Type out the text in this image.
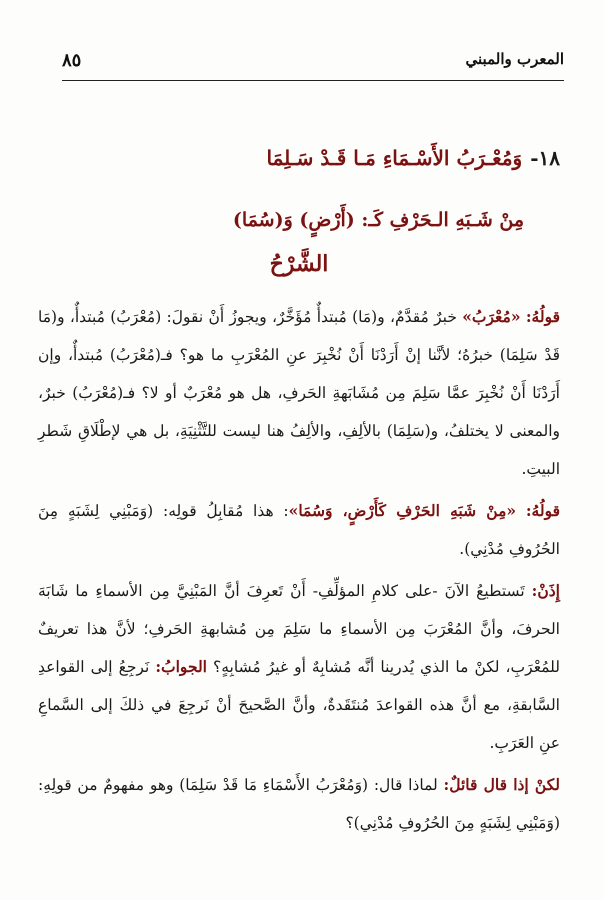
المعرب والمبني
٨٥
١٨-وَمُعْـرَبُ الأَسْـمَاءِ مَـا قَـدْ سَـلِمَا
مِنْ شَـبَهِ الـحَرْفِ كَـ: (أَرْضٍ) وَ(سُمَا)
الشَّرْحُ

قولُهُ: «مُعْرَبُ» خبرٌ مُقدَّمٌ، و(مَا) مُبتدأٌ مُؤَخَّرٌ، ويجوزُ أَنْ نقولَ: (مُعْرَبُ) مُبتدأٌ، و(مَا قَدْ سَلِمَا) خبرُهُ؛ لأنَّنا إنْ أَرَدْنَا أَنْ نُخْبِرَ عنِ المُعْرَبِ ما هو؟ فـ(مُعْرَبُ) مُبتدأٌ، وإن أَرَدْنَا أَنْ نُخْبِرَ عمَّا سَلِمَ مِن مُشَابَهةِ الحَرفِ، هل هو مُعْرَبٌ أو لا؟ فـ(مُعْرَبُ) خبرٌ، والمعنى لا يختلفُ، و(سَلِمَا) بالألِفِ، والألِفُ هنا ليست للتَّثْنِيَةِ، بل هي لإطْلَاقِ شَطرِ البيتِ.

قولُهُ: «مِنْ شَبَهِ الحَرْفِ كَأَرْضٍ، وَسُمَا»: هذا مُقابِلُ قولِه: (وَمَبْنِي لِشَبَهٍ مِنَ الحُرُوفِ مُدْنِي).

إِذَنْ: تَستطيعُ الآنَ -على كلامِ المؤلِّفِ- أَنْ تَعرِفَ أنَّ المَبْنِيَّ مِن الأسماءِ ما شَابَهَ الحرفَ، وأنَّ المُعْرَبَ مِن الأسماءِ ما سَلِمَ مِن مُشابهةِ الحَرفِ؛ لأنَّ هذا تعريفٌ للمُعْرَبِ، لكنْ ما الذي يُدرينا أنَّه مُشابِهٌ أو غيرُ مُشابِهٍ؟ الجوابُ: نَرجِعُ إلى القواعدِ السَّابقةِ، مع أنَّ هذه القواعدَ مُنتَقَدةٌ، وأنَّ الصَّحيحَ أنْ نَرجِعَ في ذلكَ إلى السَّماعِ عنِ العَرَبِ.

لكنْ إذا قال قائلٌ: لماذا قال: (وَمُعْرَبُ الأَسْمَاءِ مَا قَدْ سَلِمَا) وهو مفهومٌ من قولِهِ: (وَمَبْنِي لِشَبَهٍ مِنَ الحُرُوفِ مُدْنِي)؟
